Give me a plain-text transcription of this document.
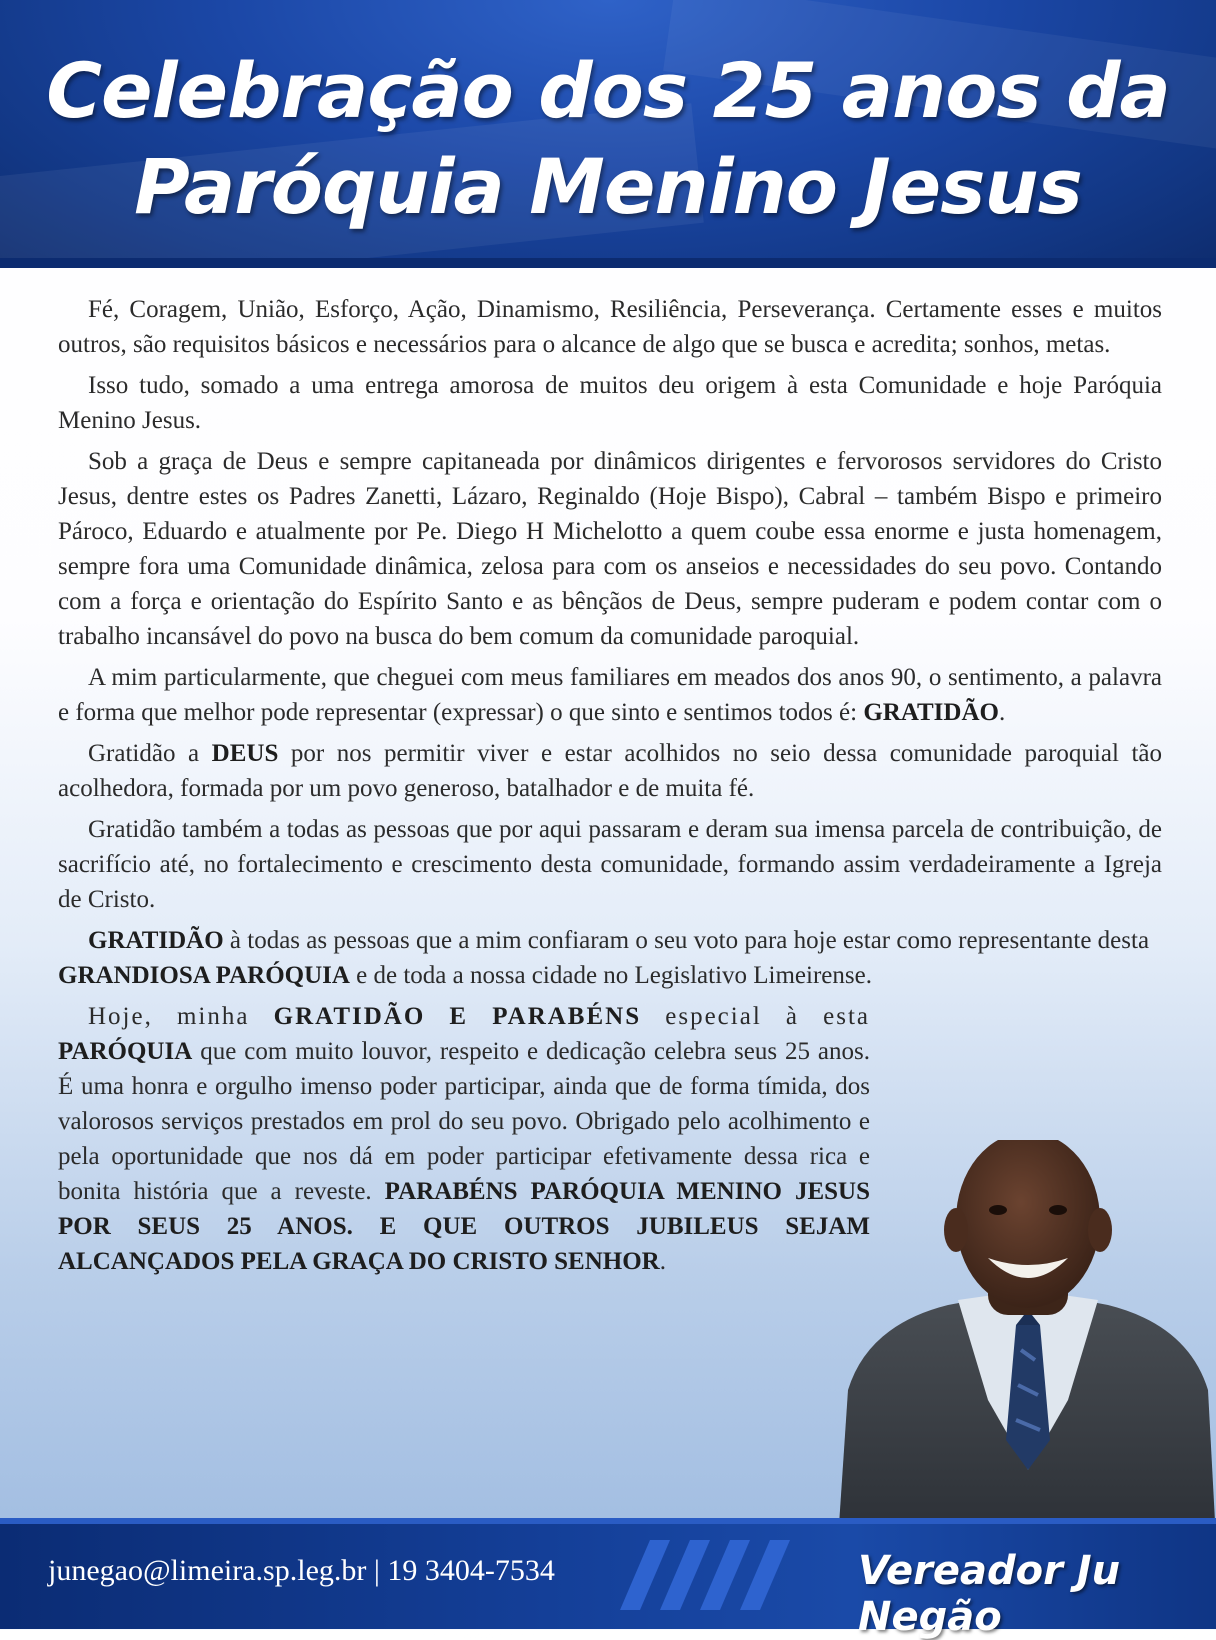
Celebração dos 25 anos da
Paróquia Menino Jesus

Fé, Coragem, União, Esforço, Ação, Dinamismo, Resiliência, Perseverança. Certamente esses e muitos outros, são requisitos básicos e necessários para o alcance de algo que se busca e acredita; sonhos, metas.

Isso tudo, somado a uma entrega amorosa de muitos deu origem à esta Comunidade e hoje Paróquia Menino Jesus.

Sob a graça de Deus e sempre capitaneada por dinâmicos dirigentes e fervorosos servidores do Cristo Jesus, dentre estes os Padres Zanetti, Lázaro, Reginaldo (Hoje Bispo), Cabral – também Bispo e primeiro Pároco, Eduardo e atualmente por Pe. Diego H Michelotto a quem coube essa enorme e justa homenagem, sempre fora uma Comunidade dinâmica, zelosa para com os anseios e necessidades do seu povo. Contando com a força e orientação do Espírito Santo e as bênçãos de Deus, sempre puderam e podem contar com o trabalho incansável do povo na busca do bem comum da comunidade paroquial.

A mim particularmente, que cheguei com meus familiares em meados dos anos 90, o sentimento, a palavra e forma que melhor pode representar (expressar) o que sinto e sentimos todos é: GRATIDÃO.

Gratidão a DEUS por nos permitir viver e estar acolhidos no seio dessa comunidade paroquial tão acolhedora, formada por um povo generoso, batalhador e de muita fé.

Gratidão também a todas as pessoas que por aqui passaram e deram sua imensa parcela de contribuição, de sacrifício até, no fortalecimento e crescimento desta comunidade, formando assim verdadeiramente a Igreja de Cristo.

GRATIDÃO à todas as pessoas que a mim confiaram o seu voto para hoje estar como representante desta GRANDIOSA PARÓQUIA e de toda a nossa cidade no Legislativo Limeirense.

Hoje, minha GRATIDÃO E PARABÉNS especial à esta PARÓQUIA que com muito louvor, respeito e dedicação celebra seus 25 anos. É uma honra e orgulho imenso poder participar, ainda que de forma tímida, dos valorosos serviços prestados em prol do seu povo. Obrigado pelo acolhimento e pela oportunidade que nos dá em poder participar efetivamente dessa rica e bonita história que a reveste. PARABÉNS PARÓQUIA MENINO JESUS POR SEUS 25 ANOS. E QUE OUTROS JUBILEUS SEJAM ALCANÇADOS PELA GRAÇA DO CRISTO SENHOR.

junegao@limeira.sp.leg.br | 19 3404-7534	Vereador Ju Negão
